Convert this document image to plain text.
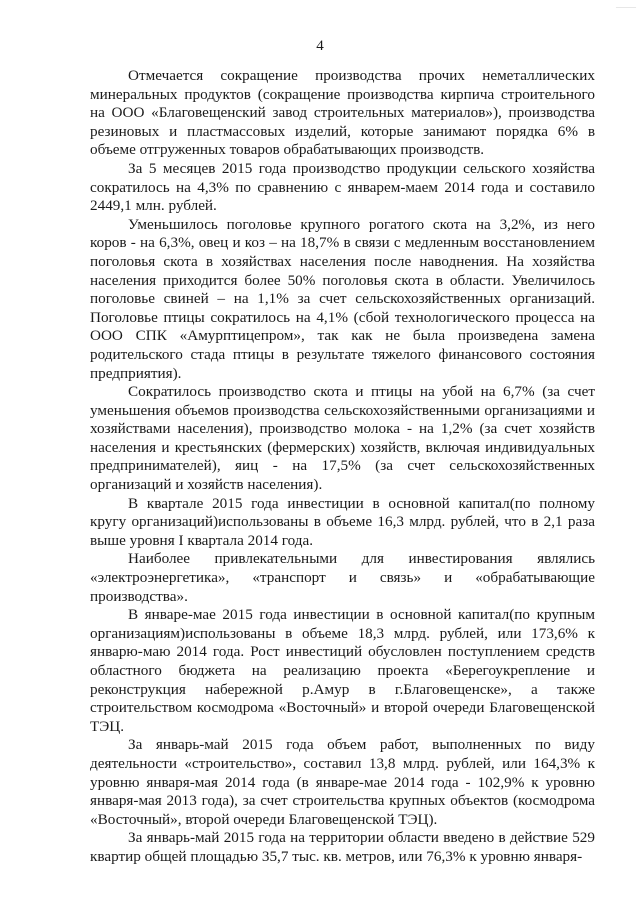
_____
4

Отмечается сокращение производства прочих неметаллических минеральных продуктов (сокращение производства кирпича строительного на ООО «Благовещенский завод строительных материалов»), производства резиновых и пластмассовых изделий, которые занимают порядка 6% в объеме отгруженных товаров обрабатывающих производств.

За 5 месяцев 2015 года производство продукции сельского хозяйства сократилось на 4,3% по сравнению с январем-маем 2014 года и составило 2449,1 млн. рублей.

Уменьшилось поголовье крупного рогатого скота на 3,2%, из него коров - на 6,3%, овец и коз – на 18,7% в связи с медленным восстановлением поголовья скота в хозяйствах населения после наводнения. На хозяйства населения приходится более 50% поголовья скота в области. Увеличилось поголовье свиней – на 1,1% за счет сельскохозяйственных организаций. Поголовье птицы сократилось на 4,1% (сбой технологического процесса на ООО СПК «Амурптицепром», так как не была произведена замена родительского стада птицы в результате тяжелого финансового состояния предприятия).

Сократилось производство скота и птицы на убой на 6,7% (за счет уменьшения объемов производства сельскохозяйственными организациями и хозяйствами населения), производство молока - на 1,2% (за счет хозяйств населения и крестьянских (фермерских) хозяйств, включая индивидуальных предпринимателей), яиц - на 17,5% (за счет сельскохозяйственных организаций и хозяйств населения).

В квартале 2015 года инвестиции в основной капитал(по полному кругу организаций)использованы в объеме 16,3 млрд. рублей, что в 2,1 раза выше уровня I квартала 2014 года.

Наиболее привлекательными для инвестирования являлись «электроэнергетика», «транспорт и связь» и «обрабатывающие производства».

В январе-мае 2015 года инвестиции в основной капитал(по крупным организациям)использованы в объеме 18,3 млрд. рублей, или 173,6% к январю-маю 2014 года. Рост инвестиций обусловлен поступлением средств областного бюджета на реализацию проекта «Берегоукрепление и реконструкция набережной р.Амур в г.Благовещенске», а также строительством космодрома «Восточный» и второй очереди Благовещенской ТЭЦ.

За январь-май 2015 года объем работ, выполненных по виду деятельности «строительство», составил 13,8 млрд. рублей, или 164,3% к уровню января-мая 2014 года (в январе-мае 2014 года - 102,9% к уровню января-мая 2013 года), за счет строительства крупных объектов (космодрома «Восточный», второй очереди Благовещенской ТЭЦ).

За январь-май 2015 года на территории области введено в действие 529 квартир общей площадью 35,7 тыс. кв. метров, или 76,3% к уровню января-
